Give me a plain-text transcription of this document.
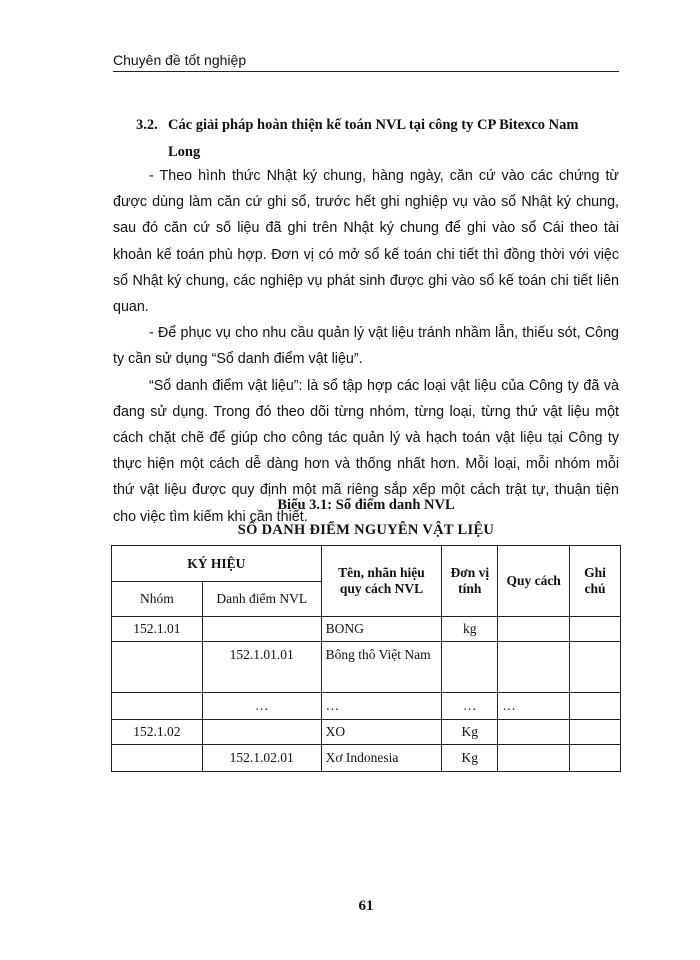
Chuyên đề tốt nghiệp
3.2. Các giải pháp hoàn thiện kế toán NVL tại công ty CP Bitexco Nam
Long

- Theo hình thức Nhật ký chung, hàng ngày, căn cứ vào các chứng từ được dùng làm căn cứ ghi sổ, trước hết ghi nghiệp vụ vào sổ Nhật ký chung, sau đó căn cứ số liệu đã ghi trên Nhật ký chung để ghi vào sổ Cái theo tài khoản kế toán phù hợp. Đơn vị có mở sổ kế toán chi tiết thì đồng thời với việc sổ Nhật ký chung, các nghiệp vụ phát sinh được ghi vào sổ kế toán chi tiết liên quan.

- Để phục vụ cho nhu cầu quản lý vật liệu tránh nhầm lẫn, thiếu sót, Công ty cần sử dụng “Sổ danh điểm vật liệu”.

“Sổ danh điểm vật liệu”: là sổ tập hợp các loại vật liệu của Công ty đã và đang sử dụng. Trong đó theo dõi từng nhóm, từng loại, từng thứ vật liệu một cách chặt chẽ để giúp cho công tác quản lý và hạch toán vật liệu tại Công ty thực hiện một cách dễ dàng hơn và thống nhất hơn. Mỗi loại, mỗi nhóm mỗi thứ vật liệu được quy định một mã riêng sắp xếp một cách trật tự, thuận tiện cho việc tìm kiếm khi cần thiết.

Biểu 3.1: Sổ điểm danh NVL
SỔ DANH ĐIỂM NGUYÊN VẬT LIỆU
KÝ HIỆU		Tên, nhãn hiệu quy cách NVL	Đơn vị tính	Quy cách	Ghi chú
Nhóm	Danh điểm NVL				
152.1.01		BONG	kg		
	152.1.01.01	Bông thô Việt Nam			
	…	…	…	…	
152.1.02		XO	Kg		
	152.1.02.01	Xơ Indonesia	Kg		
61
